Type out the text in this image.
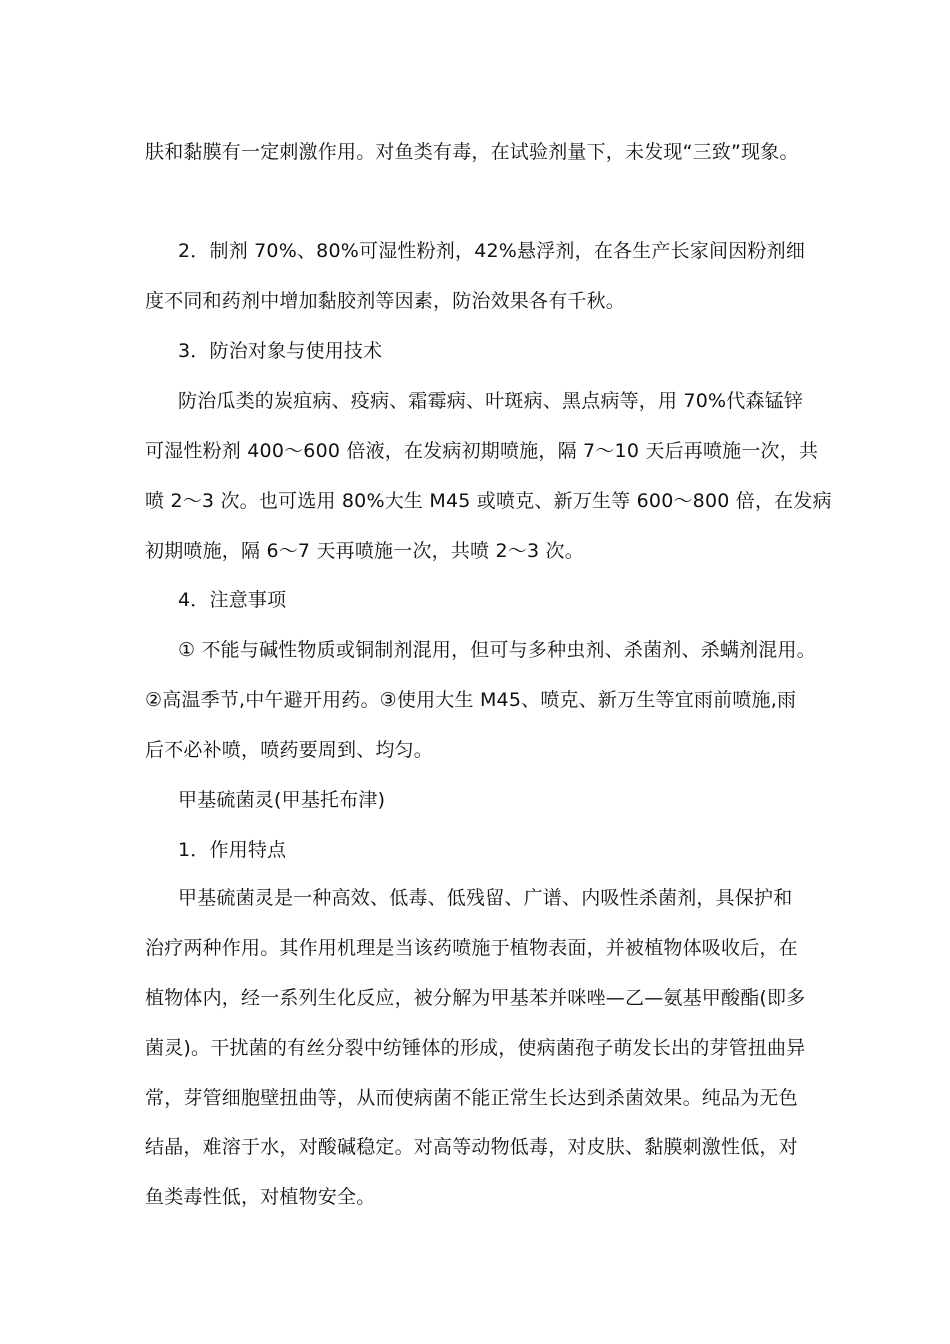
肤和黏膜有一定刺激作用。对鱼类有毒，在试验剂量下，未发现“三致”现象。
2．制剂 70%、80%可湿性粉剂，42%悬浮剂，在各生产长家间因粉剂细
度不同和药剂中增加黏胶剂等因素，防治效果各有千秋。
3．防治对象与使用技术
防治瓜类的炭疽病、疫病、霜霉病、叶斑病、黑点病等，用 70%代森锰锌
可湿性粉剂 400～600 倍液，在发病初期喷施，隔 7～10 天后再喷施一次，共
喷 2～3 次。也可选用 80%大生 M45 或喷克、新万生等 600～800 倍，在发病
初期喷施，隔 6～7 天再喷施一次，共喷 2～3 次。
4．注意事项
① 不能与碱性物质或铜制剂混用，但可与多种虫剂、杀菌剂、杀螨剂混用。
②高温季节,中午避开用药。③使用大生 M45、喷克、新万生等宜雨前喷施,雨
后不必补喷，喷药要周到、均匀。
甲基硫菌灵(甲基托布津)
1．作用特点
甲基硫菌灵是一种高效、低毒、低残留、广谱、内吸性杀菌剂，具保护和
治疗两种作用。其作用机理是当该药喷施于植物表面，并被植物体吸收后，在
植物体内，经一系列生化反应，被分解为甲基苯并咪唑—乙—氨基甲酸酯(即多
菌灵)。干扰菌的有丝分裂中纺锤体的形成，使病菌孢子萌发长出的芽管扭曲异
常，芽管细胞壁扭曲等，从而使病菌不能正常生长达到杀菌效果。纯品为无色
结晶，难溶于水，对酸碱稳定。对高等动物低毒，对皮肤、黏膜刺激性低，对
鱼类毒性低，对植物安全。
